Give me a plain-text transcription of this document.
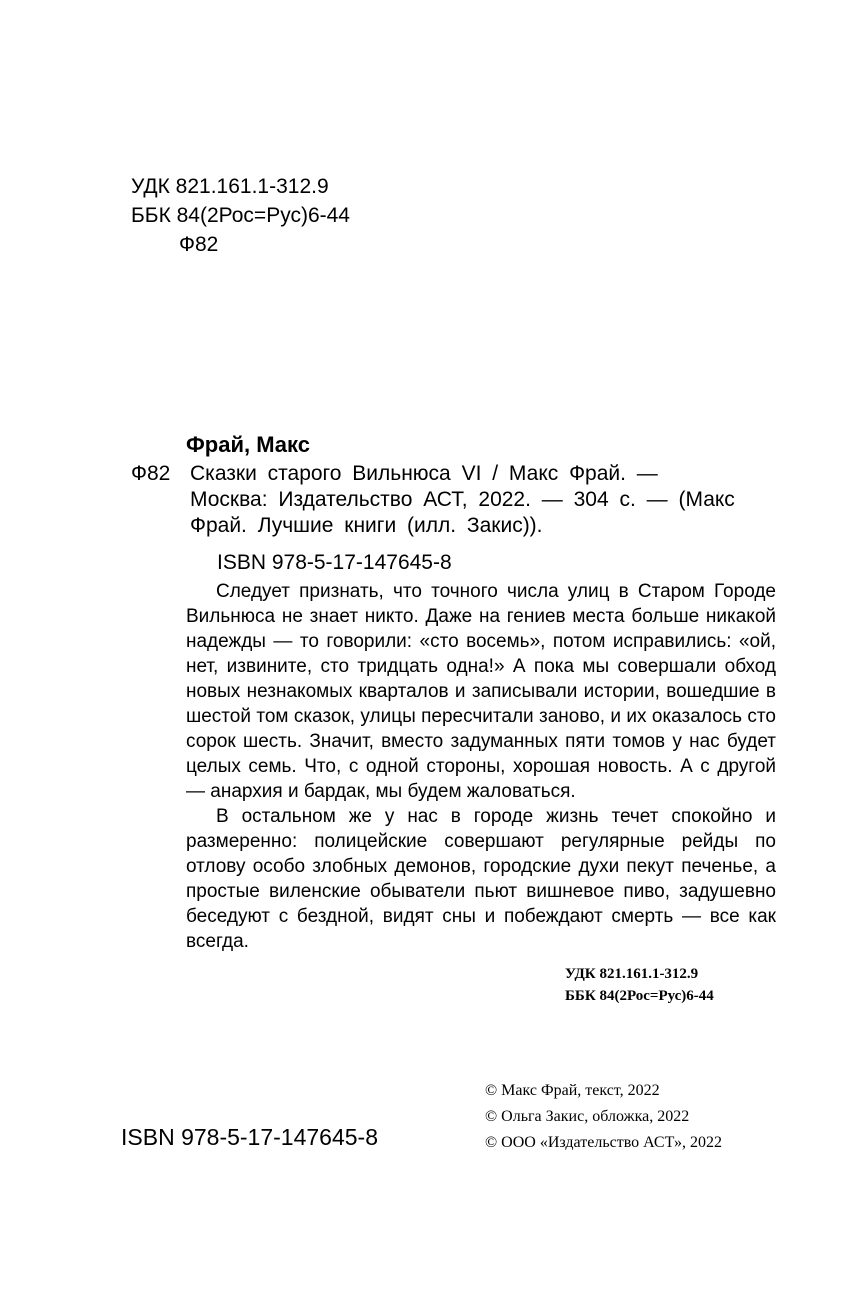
УДК 821.161.1-312.9
ББК 84(2Рос=Рус)6-44
Ф82
Фрай, Макс
Ф82 Сказки старого Вильнюса VI / Макс Фрай. —
Москва: Издательство АСТ, 2022. — 304 с. — (Макс
Фрай. Лучшие книги (илл. Закис)).
ISBN 978-5-17-147645-8

Следует признать, что точного числа улиц в Старом Городе Вильнюса не знает никто. Даже на гениев места больше никакой надежды — то говорили: «сто восемь», потом исправились: «ой, нет, извините, сто тридцать одна!» А пока мы совершали обход новых незнакомых кварталов и записывали истории, вошедшие в шестой том сказок, улицы пересчитали заново, и их оказалось сто сорок шесть. Значит, вместо задуманных пяти томов у нас будет целых семь. Что, с одной стороны, хорошая новость. А с другой — анархия и бардак, мы будем жаловаться.

В остальном же у нас в городе жизнь течет спокойно и размеренно: полицейские совершают регулярные рейды по отлову особо злобных демонов, городские духи пекут печенье, а простые виленские обыватели пьют вишневое пиво, задушевно беседуют с бездной, видят сны и побеждают смерть — все как всегда.

УДК 821.161.1-312.9
ББК 84(2Рос=Рус)6-44
© Макс Фрай, текст, 2022
© Ольга Закис, обложка, 2022
© ООО «Издательство АСТ», 2022
ISBN 978-5-17-147645-8
